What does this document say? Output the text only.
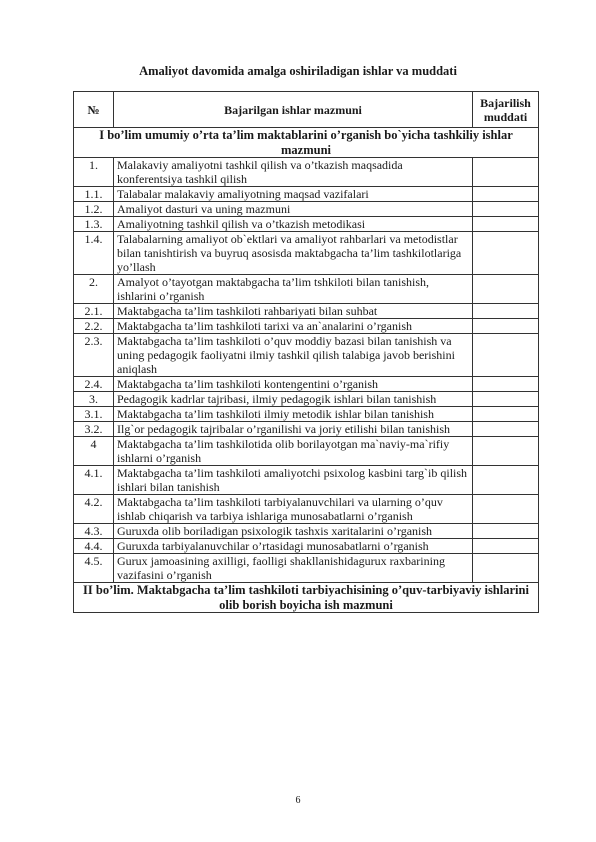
Amaliyot davomida amalga oshiriladigan ishlar va muddati
№	Bajarilgan ishlar mazmuni	Bajarilish muddati
I bo’lim umumiy o’rta ta’lim maktablarini o’rganish bo`yicha tashkiliy ishlar mazmuni		
1.	Malakaviy amaliyotni tashkil qilish va o’tkazish maqsadida konferentsiya tashkil qilish	
1.1.	Talabalar malakaviy amaliyotning maqsad vazifalari	
1.2.	Amaliyot dasturi va uning mazmuni	
1.3.	Amaliyotning tashkil qilish va o’tkazish metodikasi	
1.4.	Talabalarning amaliyot ob`ektlari va amaliyot rahbarlari va metodistlar bilan tanishtirish va buyruq asosisda maktabgacha ta’lim tashkilotlariga yo’llash	
2.	Amalyot o’tayotgan maktabgacha ta’lim tshkiloti bilan tanishish, ishlarini o’rganish	
2.1.	Maktabgacha ta’lim tashkiloti rahbariyati bilan suhbat	
2.2.	Maktabgacha ta’lim tashkiloti tarixi va an`analarini o’rganish	
2.3.	Maktabgacha ta’lim tashkiloti o’quv moddiy bazasi bilan tanishish va uning pedagogik faoliyatni ilmiy tashkil qilish talabiga javob berishini aniqlash	
2.4.	Maktabgacha ta’lim tashkiloti kontengentini o’rganish	
3.	Pedagogik kadrlar tajribasi, ilmiy pedagogik ishlari bilan tanishish	
3.1.	Maktabgacha ta’lim tashkiloti ilmiy metodik ishlar bilan tanishish	
3.2.	Ilg`or pedagogik tajribalar o’rganilishi va joriy etilishi bilan tanishish	
4	Maktabgacha ta’lim tashkilotida olib borilayotgan ma`naviy-ma`rifiy ishlarni o’rganish	
4.1.	Maktabgacha ta’lim tashkiloti amaliyotchi psixolog kasbini targ`ib qilish ishlari bilan tanishish	
4.2.	Maktabgacha ta’lim tashkiloti tarbiyalanuvchilari va ularning o’quv ishlab chiqarish va tarbiya ishlariga munosabatlarni o’rganish	
4.3.	Guruxda olib boriladigan psixologik tashxis xaritalarini o’rganish	
4.4.	Guruxda tarbiyalanuvchilar o’rtasidagi munosabatlarni o’rganish	
4.5.	Gurux jamoasining axilligi, faolligi shakllanishidagurux raxbarining vazifasini o’rganish	
II bo’lim. Maktabgacha ta’lim tashkiloti tarbiyachisining o’quv-tarbiyaviy ishlarini olib borish boyicha ish mazmuni		
6
